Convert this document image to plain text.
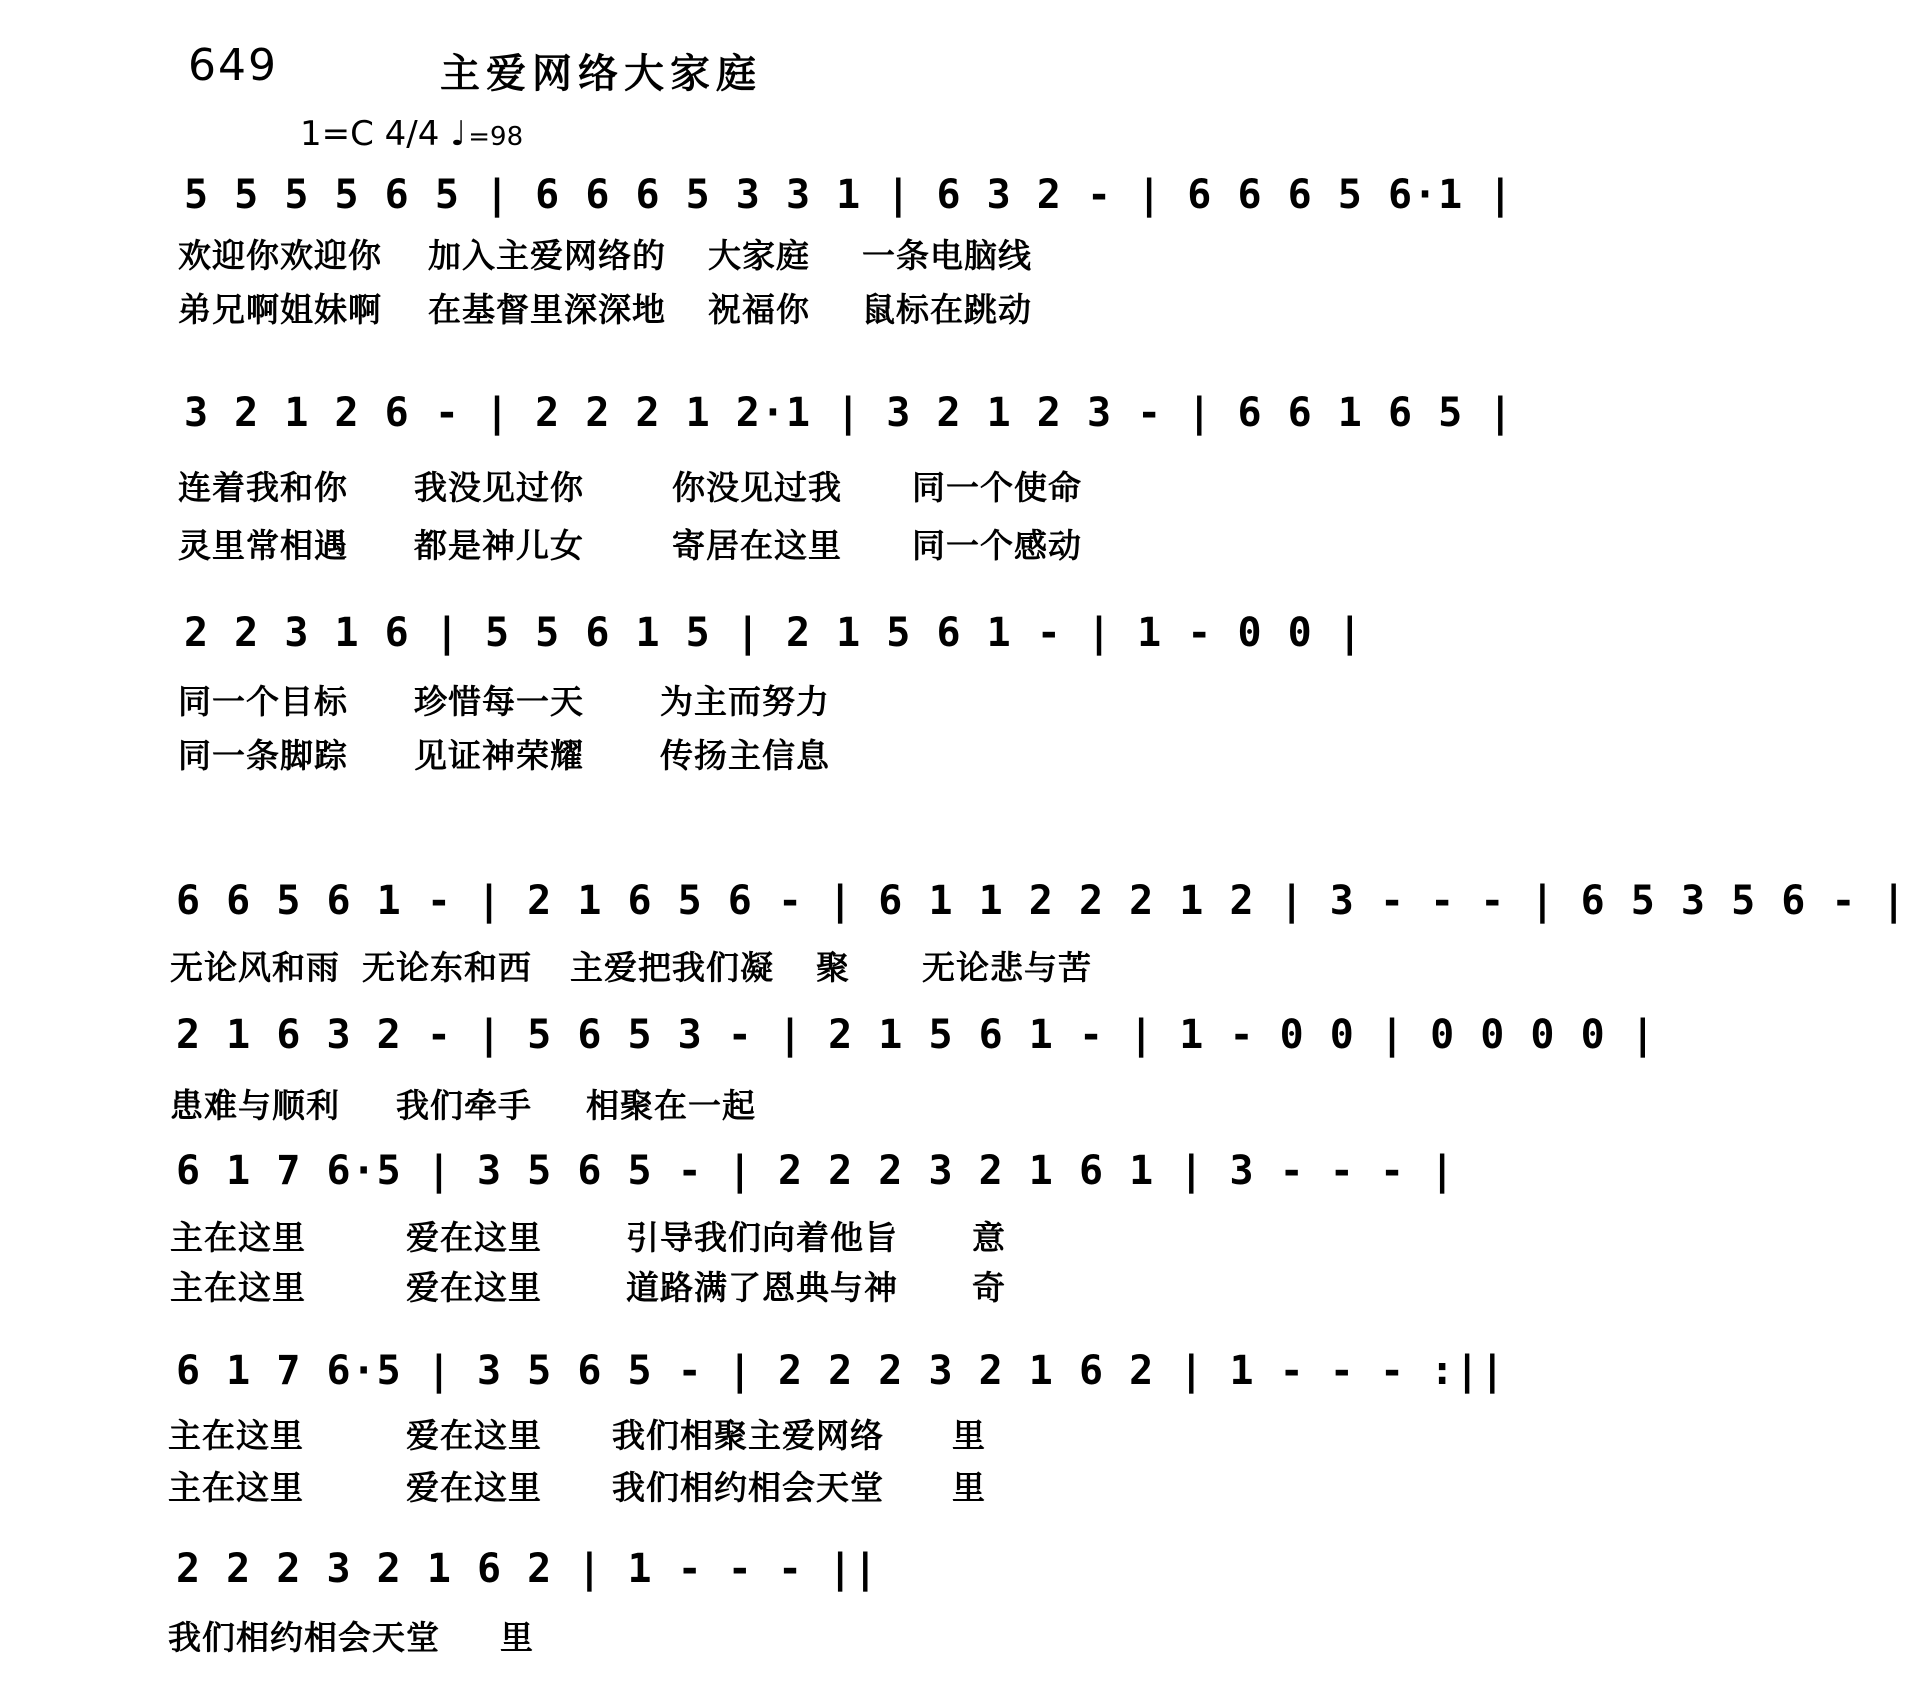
649	主爱网络大家庭
1=C 4/4 ♩=98
5 5 5 5 6 5 | 6 6 6 5 3 3 1 | 6 3 2 - | 6 6 6 5 6·1 |
欢迎你欢迎你 加入主爱网络的 大家庭 一条电脑线
弟兄啊姐妹啊 在基督里深深地 祝福你 鼠标在跳动
3 2 1 2 6 - | 2 2 2 1 2·1 | 3 2 1 2 3 - | 6 6 1 6 5 |
连着我和你 我没见过你	你没见过我 同一个使命
灵里常相遇 都是神儿女	寄居在这里 同一个感动
2 2 3 1 6 | 5 5 6 1 5 | 2 1 5 6 1 - | 1 - 0 0 |
同一个目标 珍惜每一天 为主而努力
同一条脚踪 见证神荣耀 传扬主信息
6 6 5 6 1 - | 2 1 6 5 6 - | 6 1 1 2 2 2 1 2 | 3 - - - | 6 5 3 5 6 - |
无论风和雨 无论东和西 主爱把我们凝 聚 无论悲与苦
2 1 6 3 2 - | 5 6 5 3 - | 2 1 5 6 1 - | 1 - 0 0 | 0 0 0 0 |
患难与顺利 我们牵手 相聚在一起
6 1 7 6·5 | 3 5 6 5 - | 2 2 2 3 2 1 6 1 | 3 - - - |
主在这里	爱在这里	引导我们向着他旨 意
主在这里	爱在这里	道路满了恩典与神 奇
6 1 7 6·5 | 3 5 6 5 - | 2 2 2 3 2 1 6 2 | 1 - - - :||
主在这里	爱在这里 我们相聚主爱网络 里
主在这里	爱在这里 我们相约相会天堂 里
2 2 2 3 2 1 6 2 | 1 - - - ||
我们相约相会天堂 里
